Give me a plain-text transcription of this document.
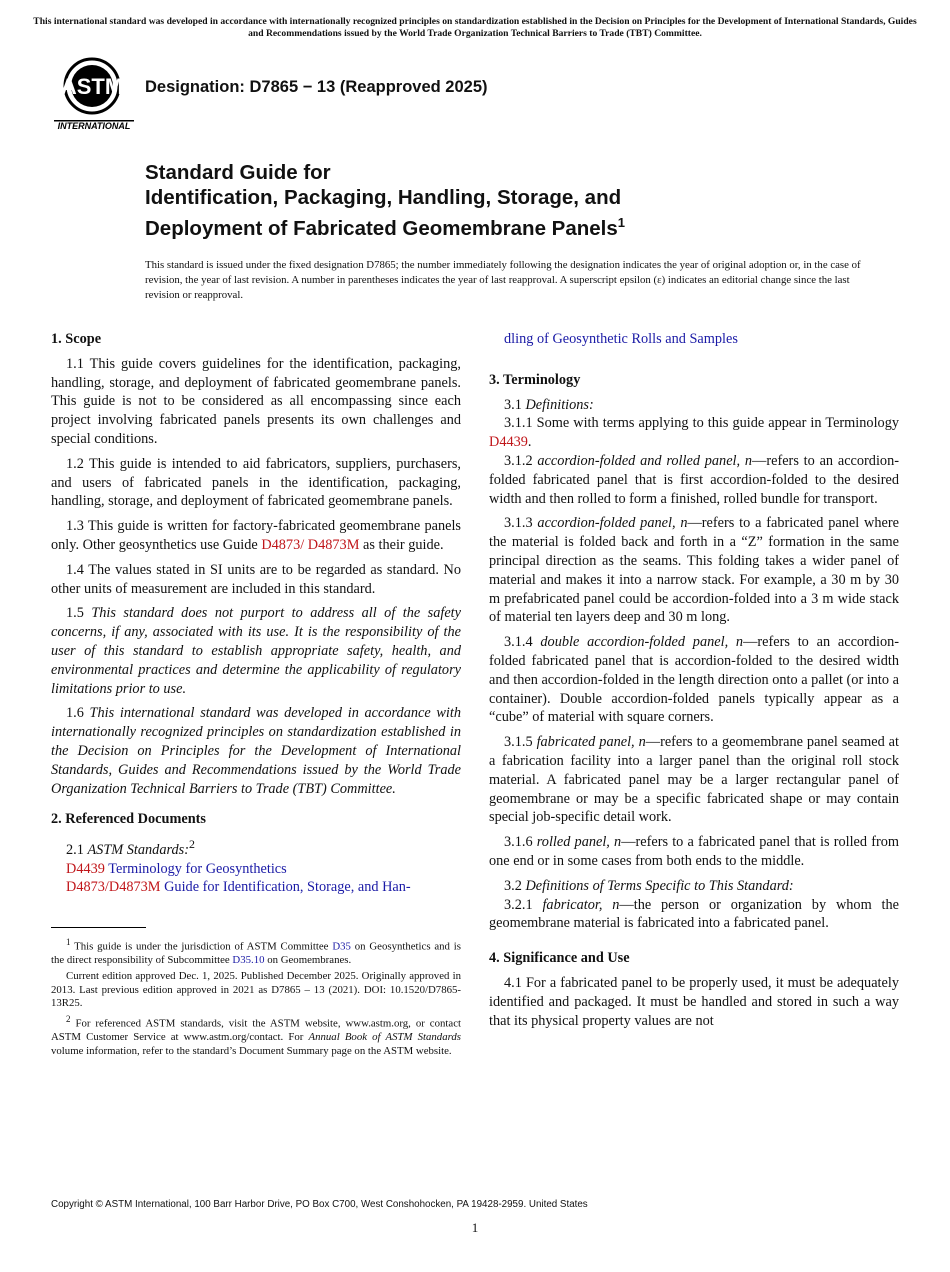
This international standard was developed in accordance with internationally recognized principles on standardization established in the Decision on Principles for the Development of International Standards, Guides and Recommendations issued by the World Trade Organization Technical Barriers to Trade (TBT) Committee.
ASTM
INTERNATIONAL
Designation: D7865 − 13 (Reapproved 2025)
Standard Guide for
Identification, Packaging, Handling, Storage, and
Deployment of Fabricated Geomembrane Panels$^1$
This standard is issued under the fixed designation D7865; the number immediately following the designation indicates the year of original adoption or, in the case of revision, the year of last revision. A number in parentheses indicates the year of last reapproval. A superscript epsilon (ε) indicates an editorial change since the last revision or reapproval.
1. Scope

1.1 This guide covers guidelines for the identification, packaging, handling, storage, and deployment of fabricated geomembrane panels. This guide is not to be considered as all encompassing since each project involving fabricated panels presents its own challenges and special conditions.

1.2 This guide is intended to aid fabricators, suppliers, purchasers, and users of fabricated panels in the identification, packaging, handling, storage, and deployment of fabricated geomembrane panels.

1.3 This guide is written for factory-fabricated geomembrane panels only. Other geosynthetics use Guide D4873/ D4873M as their guide.

1.4 The values stated in SI units are to be regarded as standard. No other units of measurement are included in this standard.

1.5 This standard does not purport to address all of the safety concerns, if any, associated with its use. It is the responsibility of the user of this standard to establish appropriate safety, health, and environmental practices and determine the applicability of regulatory limitations prior to use.

1.6 This international standard was developed in accordance with internationally recognized principles on standardization established in the Decision on Principles for the Development of International Standards, Guides and Recommendations issued by the World Trade Organization Technical Barriers to Trade (TBT) Committee.

2. Referenced Documents

2.1 ASTM Standards:$^2$

D4439 Terminology for Geosynthetics

D4873/D4873M Guide for Identification, Storage, and Han-

$^1$ This guide is under the jurisdiction of ASTM Committee D35 on Geosynthetics and is the direct responsibility of Subcommittee D35.10 on Geomembranes.

Current edition approved Dec. 1, 2025. Published December 2025. Originally approved in 2013. Last previous edition approved in 2021 as D7865 – 13 (2021). DOI: 10.1520/D7865-13R25.

$^2$ For referenced ASTM standards, visit the ASTM website, www.astm.org, or contact ASTM Customer Service at www.astm.org/contact. For Annual Book of ASTM Standards volume information, refer to the standard’s Document Summary page on the ASTM website.

dling of Geosynthetic Rolls and Samples

3. Terminology

3.1 Definitions:

3.1.1 Some with terms applying to this guide appear in Terminology D4439.

3.1.2 accordion-folded and rolled panel, n—refers to an accordion-folded fabricated panel that is first accordion-folded to the desired width and then rolled to form a finished, rolled bundle for transport.

3.1.3 accordion-folded panel, n—refers to a fabricated panel where the material is folded back and forth in a “Z” formation in the same principal direction as the seams. This folding takes a wider panel of material and makes it into a narrow stack. For example, a 30 m by 30 m prefabricated panel could be accordion-folded into a 3 m wide stack of material ten layers deep and 30 m long.

3.1.4 double accordion-folded panel, n—refers to an accordion-folded fabricated panel that is accordion-folded to the desired width and then accordion-folded in the length direction onto a pallet (or into a container). Double accordion-folded panels typically appear as a “cube” of material with square corners.

3.1.5 fabricated panel, n—refers to a geomembrane panel seamed at a fabrication facility into a larger panel than the original roll stock material. A fabricated panel may be a larger rectangular panel of geomembrane or may be a specific fabricated shape or may contain special job-specific detail work.

3.1.6 rolled panel, n—refers to a fabricated panel that is rolled from one end or in some cases from both ends to the middle.

3.2 Definitions of Terms Specific to This Standard:

3.2.1 fabricator, n—the person or organization by whom the geomembrane material is fabricated into a fabricated panel.

4. Significance and Use

4.1 For a fabricated panel to be properly used, it must be adequately identified and packaged. It must be handled and stored in such a way that its physical property values are not

Copyright © ASTM International, 100 Barr Harbor Drive, PO Box C700, West Conshohocken, PA 19428-2959. United States
1
